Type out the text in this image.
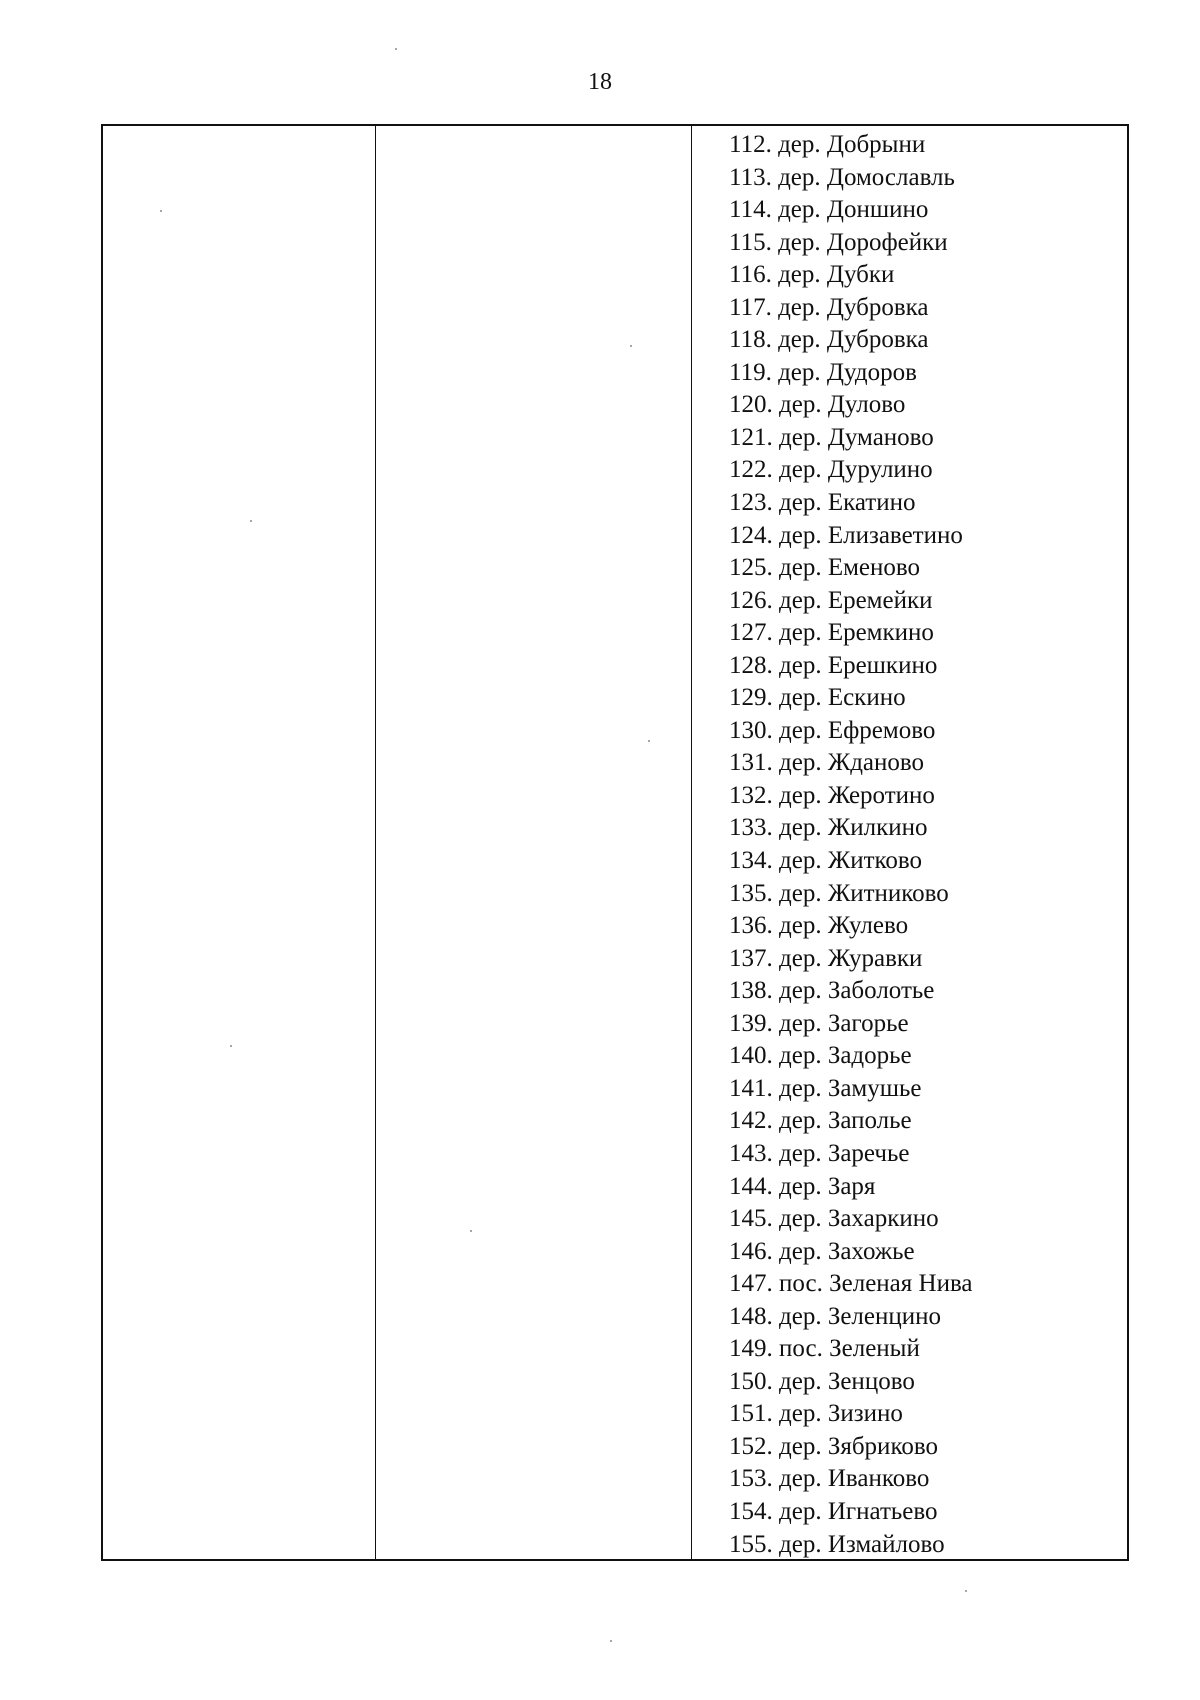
18
112. дер. Добрыни
113. дер. Домославль
114. дер. Доншино
115. дер. Дорофейки
116. дер. Дубки
117. дер. Дубровка
118. дер. Дубровка
119. дер. Дудоров
120. дер. Дулово
121. дер. Думаново
122. дер. Дурулино
123. дер. Екатино
124. дер. Елизаветино
125. дер. Еменово
126. дер. Еремейки
127. дер. Еремкино
128. дер. Ерешкино
129. дер. Ескино
130. дер. Ефремово
131. дер. Жданово
132. дер. Жеротино
133. дер. Жилкино
134. дер. Житково
135. дер. Житниково
136. дер. Жулево
137. дер. Журавки
138. дер. Заболотье
139. дер. Загорье
140. дер. Задорье
141. дер. Замушье
142. дер. Заполье
143. дер. Заречье
144. дер. Заря
145. дер. Захаркино
146. дер. Захожье
147. пос. Зеленая Нива
148. дер. Зеленцино
149. пос. Зеленый
150. дер. Зенцово
151. дер. Зизино
152. дер. Зябриково
153. дер. Иванково
154. дер. Игнатьево
155. дер. Измайлово
